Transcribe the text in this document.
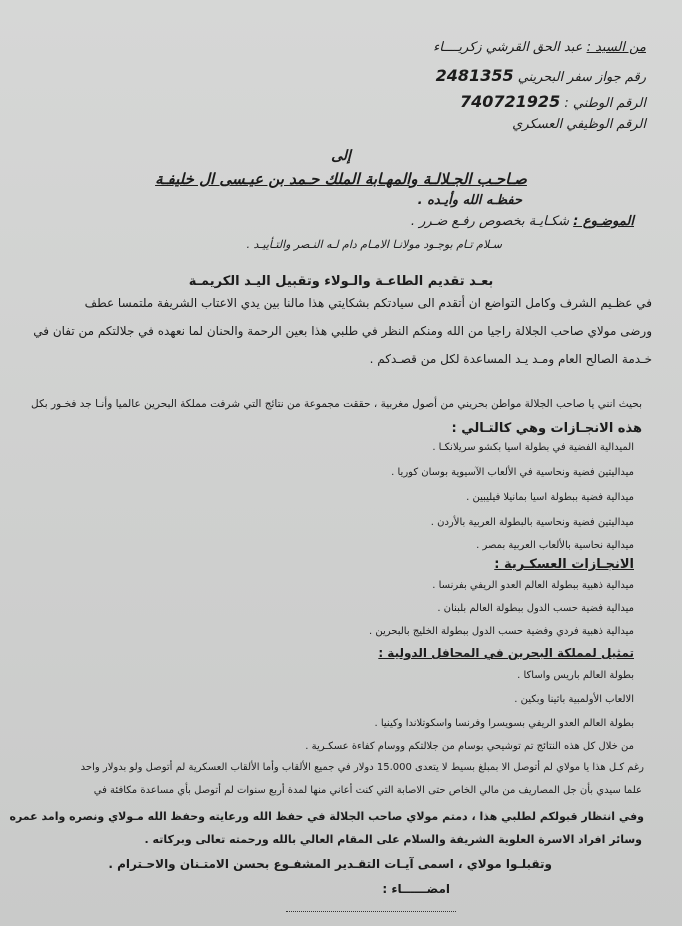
من السيد : عبد الحق القرشي زكريــــاء
رقم جواز سفر البحريني 2481355
الرقم الوطني : 740721925
الرقم الوظيفي العسكري
إلى
صـاحـب الجـلالـة والمهـابة الملك حـمد بن عيـسى ال خليفـة
حفظـه الله وأيـده .
الموضـوع : شكـايـة بخصوص رفـع ضـرر .
سـلام تـام بوجـود مولانـا الامـام دام لـه النـصر والتـأييـد .
بعـد تقديم الطاعـة والـولاء وتقبيل اليـد الكريمـة
في عظـيم الشرف وكامل التواضع ان أتقدم الى سيادتكم بشكايتي هذا مالنا بين يدي الاعتاب الشريفة ملتمسا عطف
ورضى مولاي صاحب الجلالة راجيا من الله ومنكم النظر في طلبي هذا بعين الرحمة والحنان لما نعهده في جلالتكم من تفان في
خـدمة الصالح العام ومـد يـد المساعدة لكل من قصـدكم .
بحيث انني يا صاحب الجلالة مواطن بحريني من أصول مغربية ، حققت مجموعة من نتائج التي شرفت مملكة البحرين عالميا وأنـا جد فخـور بكل
هذه الانجـازات وهي كالتـالي :
الميدالية الفضية في بطولة اسيا بكشو سريلانكـا .
ميداليتين فضية ونحاسية في الألعاب الآسيوية بوسان كوريا .
ميدالية فضية ببطولة اسيا بمانيلا فيليبين .
ميداليتين فضية ونحاسية بالبطولة العربية بالأردن .
ميدالية نحاسية بالألعاب العربية بمصر .
الانجـازات العسكـرية :
ميدالية ذهبية ببطولة العالم العدو الريفي بفرنسا .
ميدالية فضية حسب الدول ببطولة العالم بلبنان .
ميدالية ذهبية فردي وفضية حسب الدول ببطولة الخليج بالبحرين .
تمثيل لمملكة البحرين في المحافل الدولية :
بطولة العالم باريس واساكا .
الالعاب الأولمبية باثينا وبكين .
بطولة العالم العدو الريفي بسويسرا وفرنسا واسكوتلاندا وكينيا .
من خلال كل هذه النتائج تم توشيحي بوسام من جلالتكم ووسام كفاءة عسكـرية .
رغم كـل هذا يا مولاي لم أتوصل الا بمبلغ بسيط لا يتعدى 15.000 دولار في جميع الألقاب وأما الألقاب العسكرية لم أتوصل ولو بدولار واحد
علما سيدي بأن جل المصاريف من مالي الخاص حتى الاصابة التي كنت أعاني منها لمدة أربع سنوات لم أتوصل بأي مساعدة مكافئة في
وفي انتظار قبولكم لطلبي هذا ، دمتم مولاي صاحب الجلالة في حفظ الله ورعايته وحفظ الله مـولاي ونصره وامد عمره
وسائر افراد الاسرة العلوية الشريفة والسلام على المقام العالي بالله ورحمته تعالى وبركاته .
وتقبلـوا مولاي ، اسمى آيـات التقـدير المشفـوع بحسن الامتـنان والاحـترام .
امضــــــاء :
